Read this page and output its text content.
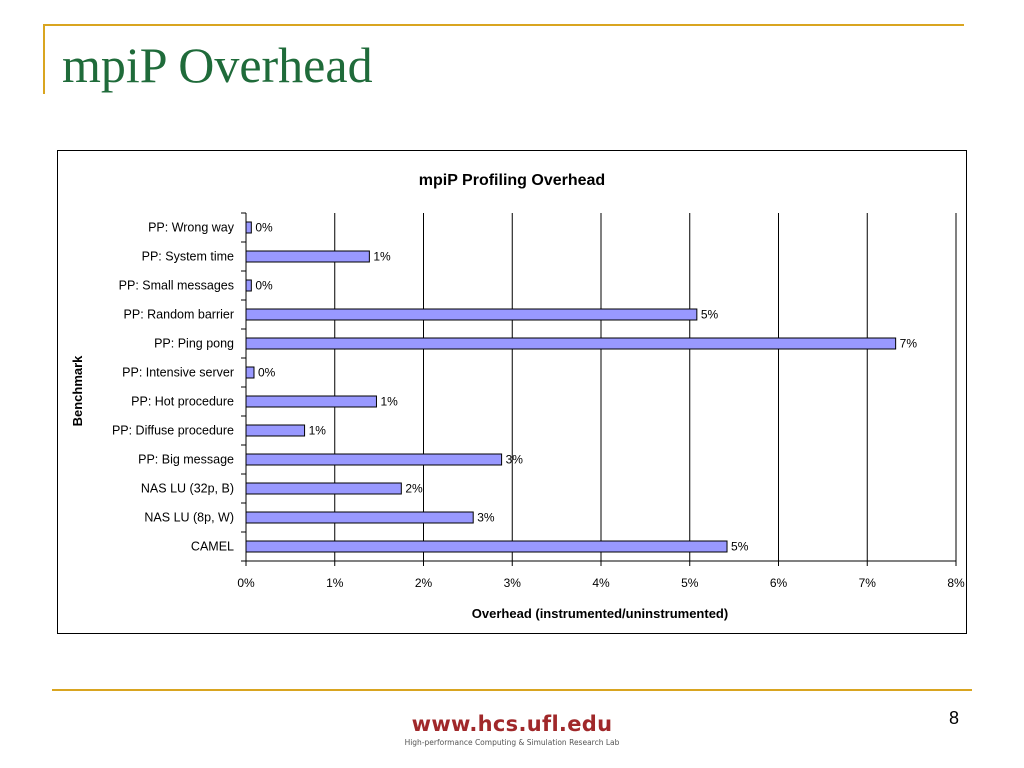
mpiP Overhead
mpiP Profiling Overhead
Overhead (instrumented/uninstrumented)
Benchmark
0%	1%	2%	3%	4%	5%	6%	7%	8%
PP: Wrong way 0%
PP: System time	1%
PP: Small messages 0%
PP: Random barrier	5%
PP: Ping pong	7%
PP: Intensive server 0%
PP: Hot procedure	1%
PP: Diffuse procedure	1%
PP: Big message	3%
NAS LU (32p, B)	2%
NAS LU (8p, W)	3%
CAMEL	5%
www.hcs.ufl.edu
High-performance Computing & Simulation Research Lab
8
